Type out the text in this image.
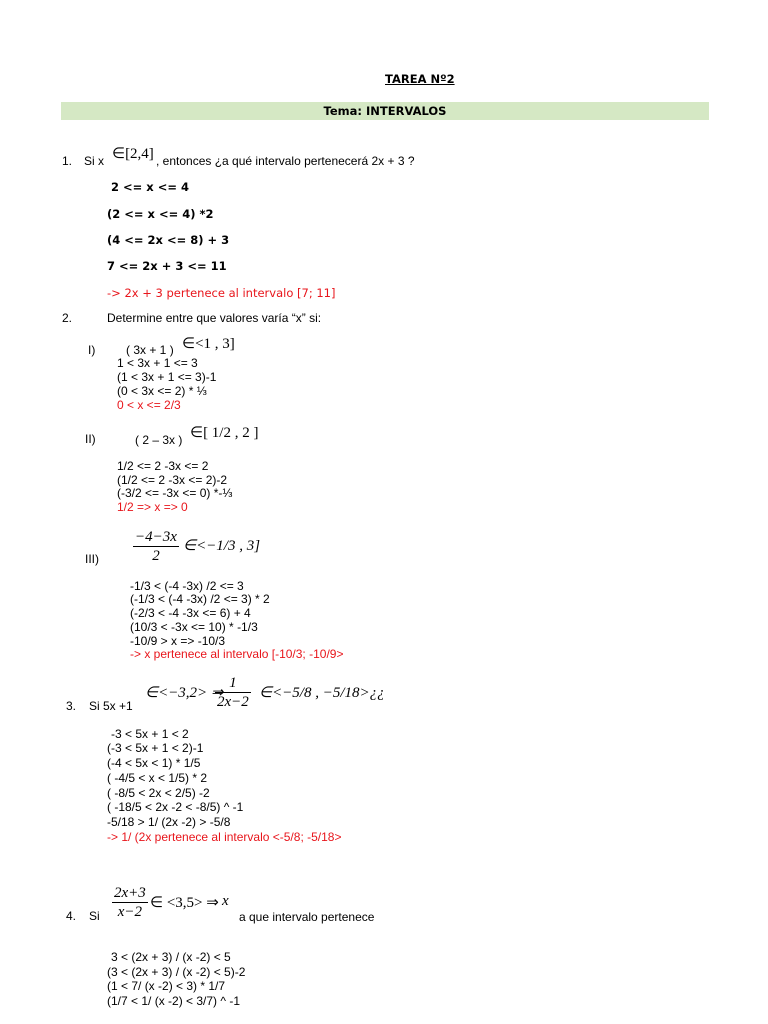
TAREA Nº2
Tema: INTERVALOS
1. Si x ∈[2,4] , entonces ¿a qué intervalo pertenecerá 2x + 3 ?
2 <= x <= 4
(2 <= x <= 4) *2
(4 <= 2x <= 8) + 3
7 <= 2x + 3 <= 11
-> 2x + 3 pertenece al intervalo [7; 11]
2.	Determine entre que valores varía “x” si:
I)	( 3x + 1 ) ∈<1 , 3]
1 < 3x + 1 <= 3
(1 < 3x + 1 <= 3)-1
(0 < 3x <= 2) * ⅓
0 < x <= 2/3
II)	( 2 – 3x ) ∈[ 1/2 , 2 ]
1/2 <= 2 -3x <= 2
(1/2 <= 2 -3x <= 2)-2
(-3/2 <= -3x <= 0) *-⅓
1/2 => x => 0
$III) \frac{-4-3x}{2}$ ∈<−1/3 , 3]
-1/3 < (-4 -3x) /2 <= 3
(-1/3 < (-4 -3x) /2 <= 3) * 2
(-2/3 < -4 -3x <= 6) + 4
(10/3 < -3x <= 10) * -1/3
-10/9 > x => -10/3
-> x pertenece al intervalo [-10/3; -10/9>
3. Si 5x +1
∈<−3,2> ⇒
$\frac{1}{2x-2}$ ∈<−5/8 , −5/18>¿¿
-3 < 5x + 1 < 2
(-3 < 5x + 1 < 2)-1
(-4 < 5x < 1) * 1/5
( -4/5 < x < 1/5) * 2
( -8/5 < 2x < 2/5) -2
( -18/5 < 2x -2 < -8/5) ^ -1
-5/18 > 1/ (2x -2) > -5/8
-> 1/ (2x pertenece al intervalo <-5/8; -5/18>
4. Si $\frac{2x+3}{x-2}$ ∈ <3,5> ⇒ x
a que intervalo pertenece
3 < (2x + 3) / (x -2) < 5
(3 < (2x + 3) / (x -2) < 5)-2
(1 < 7/ (x -2) < 3) * 1/7
(1/7 < 1/ (x -2) < 3/7) ^ -1
